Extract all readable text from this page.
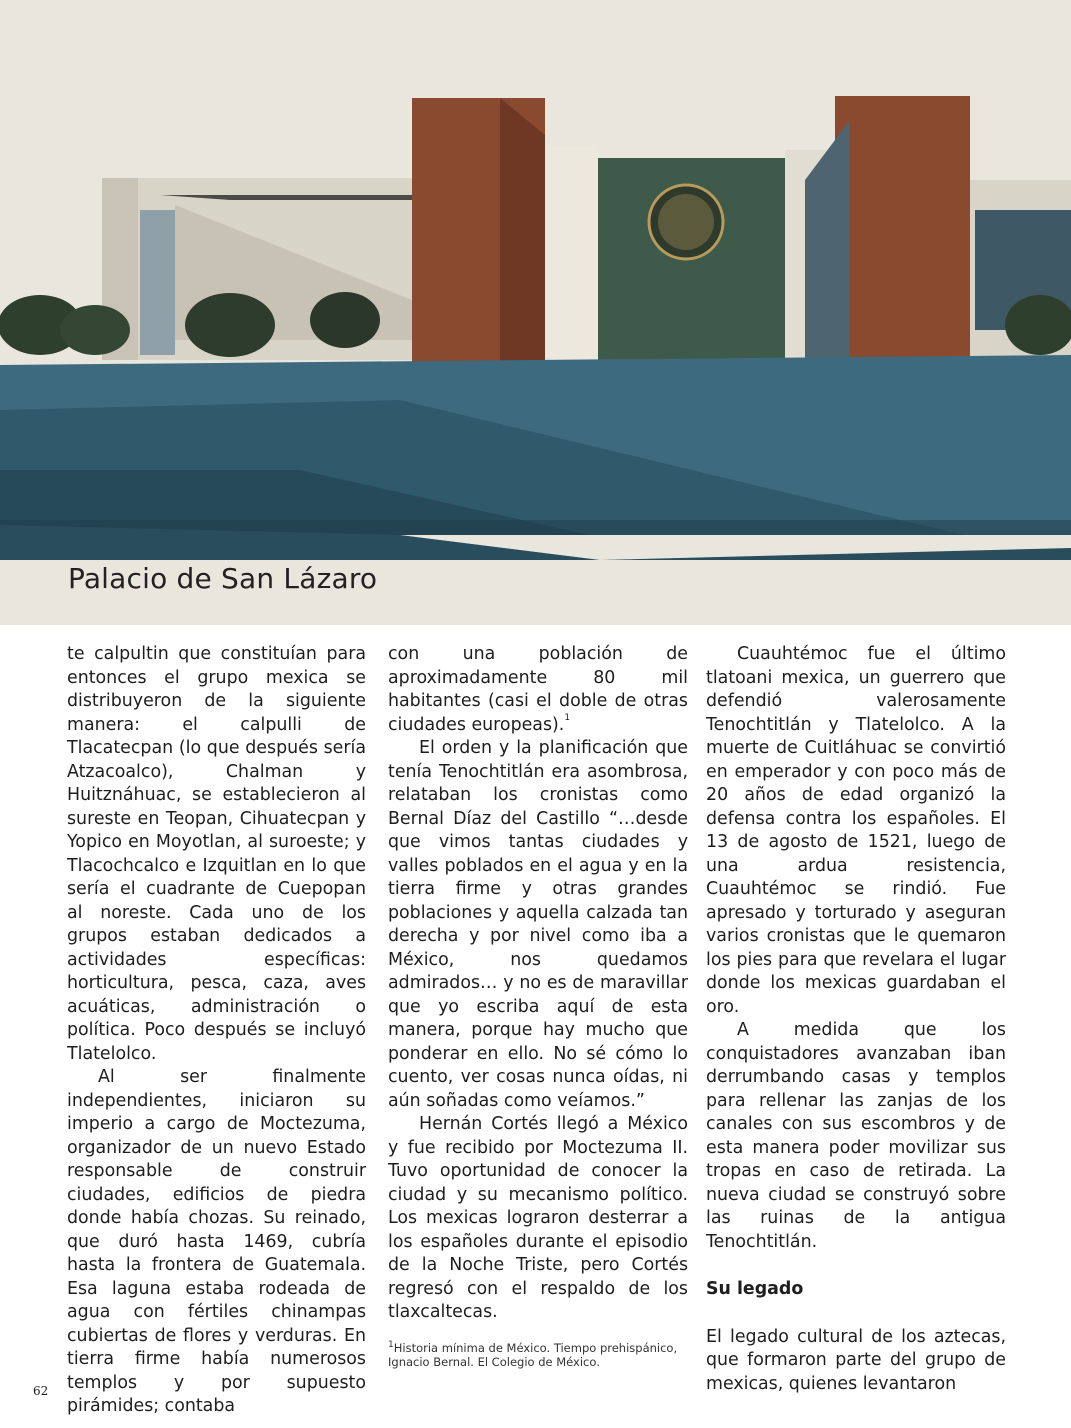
Palacio de San Lázaro

te calpultin que constituían para entonces el grupo mexica se distribuyeron de la siguiente manera: el calpulli de Tlacatecpan (lo que después sería Atzacoalco), Chalman y Huitznáhuac, se establecieron al sureste en Teopan, Cihuatecpan y Yopico en Moyotlan, al suroeste; y Tlacochcalco e Izquitlan en lo que sería el cuadrante de Cuepopan al noreste. Cada uno de los grupos estaban dedicados a actividades específicas: horticultura, pesca, caza, aves acuáticas, administración o política. Poco después se incluyó Tlatelolco.

Al ser finalmente independientes, iniciaron su imperio a cargo de Moctezuma, organizador de un nuevo Estado responsable de construir ciudades, edificios de piedra donde había chozas. Su reinado, que duró hasta 1469, cubría hasta la frontera de Guatemala. Esa laguna estaba rodeada de agua con fértiles chinampas cubiertas de flores y verduras. En tierra firme había numerosos templos y por supuesto pirámides; contaba

con una población de aproximadamente 80 mil habitantes (casi el doble de otras ciudades europeas).$^1$

El orden y la planificación que tenía Tenochtitlán era asombrosa, relataban los cronistas como Bernal Díaz del Castillo “…desde que vimos tantas ciudades y valles poblados en el agua y en la tierra firme y otras grandes poblaciones y aquella calzada tan derecha y por nivel como iba a México, nos quedamos admirados… y no es de maravillar que yo escriba aquí de esta manera, porque hay mucho que ponderar en ello. No sé cómo lo cuento, ver cosas nunca oídas, ni aún soñadas como veíamos.”

Hernán Cortés llegó a México y fue recibido por Moctezuma II. Tuvo oportunidad de conocer la ciudad y su mecanismo político. Los mexicas lograron desterrar a los españoles durante el episodio de la Noche Triste, pero Cortés regresó con el respaldo de los tlaxcaltecas.

$^1$Historia mínima de México. Tiempo prehispánico, Ignacio Bernal. El Colegio de México.

Cuauhtémoc fue el último tlatoani mexica, un guerrero que defendió valerosamente Tenochtitlán y Tlatelolco. A la muerte de Cuitláhuac se convirtió en emperador y con poco más de 20 años de edad organizó la defensa contra los españoles. El 13 de agosto de 1521, luego de una ardua resistencia, Cuauhtémoc se rindió. Fue apresado y torturado y aseguran varios cronistas que le quemaron los pies para que revelara el lugar donde los mexicas guardaban el oro.

A medida que los conquistadores avanzaban iban derrumbando casas y templos para rellenar las zanjas de los canales con sus escombros y de esta manera poder movilizar sus tropas en caso de retirada. La nueva ciudad se construyó sobre las ruinas de la antigua Tenochtitlán.

Su legado

El legado cultural de los aztecas, que formaron parte del grupo de mexicas, quienes levantaron

62
